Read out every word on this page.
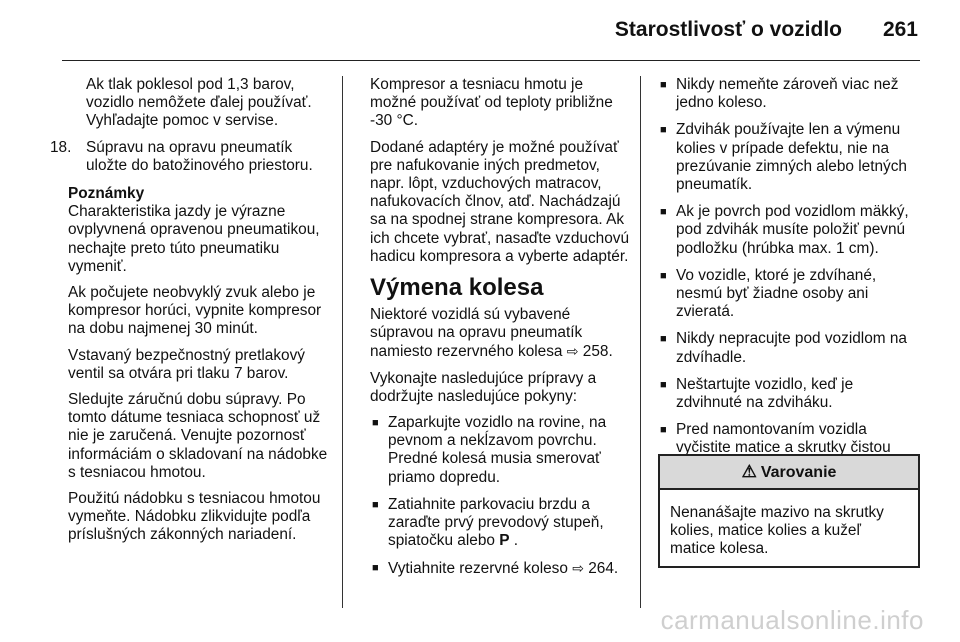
Starostlivosť o vozidlo 261

Ak tlak poklesol pod 1,3 barov, vozidlo nemôžete ďalej používať. Vyhľadajte pomoc v servise.

18. Súpravu na opravu pneumatík uložte do batožinového priestoru.

Poznámky

Charakteristika jazdy je výrazne ovplyvnená opravenou pneumatikou, nechajte preto túto pneumatiku vymeniť.

Ak počujete neobvyklý zvuk alebo je kompresor horúci, vypnite kompresor na dobu najmenej 30 minút.

Vstavaný bezpečnostný pretlakový ventil sa otvára pri tlaku 7 barov.

Sledujte záručnú dobu súpravy. Po tomto dátume tesniaca schopnosť už nie je zaručená. Venujte pozornosť informáciám o skladovaní na nádobke s tesniacou hmotou.

Použitú nádobku s tesniacou hmotou vymeňte. Nádobku zlikvidujte podľa príslušných zákonných nariadení.

Kompresor a tesniacu hmotu je možné používať od teploty približne -30 °C.

Dodané adaptéry je možné používať pre nafukovanie iných predmetov, napr. lôpt, vzduchových matracov, nafukovacích člnov, atď. Nachádzajú sa na spodnej strane kompresora. Ak ich chcete vybrať, nasaďte vzduchovú hadicu kompresora a vyberte adaptér.

Výmena kolesa

Niektoré vozidlá sú vybavené súpravou na opravu pneumatík namiesto rezervného kolesa ⇨ 258.

Vykonajte nasledujúce prípravy a dodržujte nasledujúce pokyny:

■ Zaparkujte vozidlo na rovine, na pevnom a nekĺzavom povrchu. Predné kolesá musia smerovať priamo dopredu.
■ Zatiahnite parkovaciu brzdu a zaraďte prvý prevodový stupeň, spiatočku alebo P .
■ Vytiahnite rezervné koleso ⇨ 264.
■ Nikdy nemeňte zároveň viac než jedno koleso.
■ Zdvihák používajte len a výmenu kolies v prípade defektu, nie na prezúvanie zimných alebo letných pneumatík.
■ Ak je povrch pod vozidlom mäkký, pod zdvihák musíte položiť pevnú podložku (hrúbka max. 1 cm).
■ Vo vozidle, ktoré je zdvíhané, nesmú byť žiadne osoby ani zvieratá.
■ Nikdy nepracujte pod vozidlom na zdvíhadle.
■ Neštartujte vozidlo, keď je zdvihnuté na zdviháku.
■ Pred namontovaním vozidla vyčistite matice a skrutky čistou
⚠ Varovanie
Nenanášajte mazivo na skrutky kolies, matice kolies a kužeľ matice kolesa.
carmanualsonline.info
